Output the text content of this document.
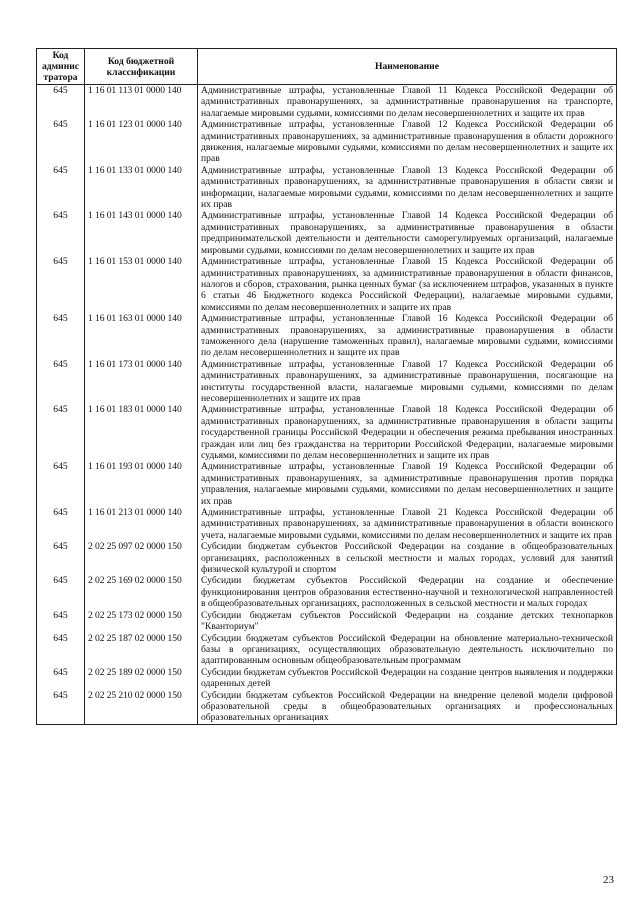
Код админис тратора	Код бюджетной классификации	Наименование
645	1 16 01 113 01 0000 140	Административные штрафы, установленные Главой 11 Кодекса Российской Федерации об административных правонарушениях, за административные правонарушения на транспорте, налагаемые мировыми судьями, комиссиями по делам несовершеннолетних и защите их прав
645	1 16 01 123 01 0000 140	Административные штрафы, установленные Главой 12 Кодекса Российской Федерации об административных правонарушениях, за административные правонарушения в области дорожного движения, налагаемые мировыми судьями, комиссиями по делам несовершеннолетних и защите их прав
645	1 16 01 133 01 0000 140	Административные штрафы, установленные Главой 13 Кодекса Российской Федерации об административных правонарушениях, за административные правонарушения в области связи и информации, налагаемые мировыми судьями, комиссиями по делам несовершеннолетних и защите их прав
645	1 16 01 143 01 0000 140	Административные штрафы, установленные Главой 14 Кодекса Российской Федерации об административных правонарушениях, за административные правонарушения в области предпринимательской деятельности и деятельности саморегулируемых организаций, налагаемые мировыми судьями, комиссиями по делам несовершеннолетних и защите их прав
645	1 16 01 153 01 0000 140	Административные штрафы, установленные Главой 15 Кодекса Российской Федерации об административных правонарушениях, за административные правонарушения в области финансов, налогов и сборов, страхования, рынка ценных бумаг (за исключением штрафов, указанных в пункте 6 статьи 46 Бюджетного кодекса Российской Федерации), налагаемые мировыми судьями, комиссиями по делам несовершеннолетних и защите их прав
645	1 16 01 163 01 0000 140	Административные штрафы, установленные Главой 16 Кодекса Российской Федерации об административных правонарушениях, за административные правонарушения в области таможенного дела (нарушение таможенных правил), налагаемые мировыми судьями, комиссиями по делам несовершеннолетних и защите их прав
645	1 16 01 173 01 0000 140	Административные штрафы, установленные Главой 17 Кодекса Российской Федерации об административных правонарушениях, за административные правонарушения, посягающие на институты государственной власти, налагаемые мировыми судьями, комиссиями по делам несовершеннолетних и защите их прав
645	1 16 01 183 01 0000 140	Административные штрафы, установленные Главой 18 Кодекса Российской Федерации об административных правонарушениях, за административные правонарушения в области защиты государственной границы Российской Федерации и обеспечения режима пребывания иностранных граждан или лиц без гражданства на территории Российской Федерации, налагаемые мировыми судьями, комиссиями по делам несовершеннолетних и защите их прав
645	1 16 01 193 01 0000 140	Административные штрафы, установленные Главой 19 Кодекса Российской Федерации об административных правонарушениях, за административные правонарушения против порядка управления, налагаемые мировыми судьями, комиссиями по делам несовершеннолетних и защите их прав
645	1 16 01 213 01 0000 140	Административные штрафы, установленные Главой 21 Кодекса Российской Федерации об административных правонарушениях, за административные правонарушения в области воинского учета, налагаемые мировыми судьями, комиссиями по делам несовершеннолетних и защите их прав
645	2 02 25 097 02 0000 150	Субсидии бюджетам субъектов Российской Федерации на создание в общеобразовательных организациях, расположенных в сельской местности и малых городах, условий для занятий физической культурой и спортом
645	2 02 25 169 02 0000 150	Субсидии бюджетам субъектов Российской Федерации на создание и обеспечение функционирования центров образования естественно-научной и технологической направленностей в общеобразовательных организациях, расположенных в сельской местности и малых городах
645	2 02 25 173 02 0000 150	Субсидии бюджетам субъектов Российской Федерации на создание детских технопарков "Кванториум"
645	2 02 25 187 02 0000 150	Субсидии бюджетам субъектов Российской Федерации на обновление материально-технической базы в организациях, осуществляющих образовательную деятельность исключительно по адаптированным основным общеобразовательным программам
645	2 02 25 189 02 0000 150	Субсидии бюджетам субъектов Российской Федерации на создание центров выявления и поддержки одаренных детей
645	2 02 25 210 02 0000 150	Субсидии бюджетам субъектов Российской Федерации на внедрение целевой модели цифровой образовательной среды в общеобразовательных организациях и профессиональных образовательных организациях
23
